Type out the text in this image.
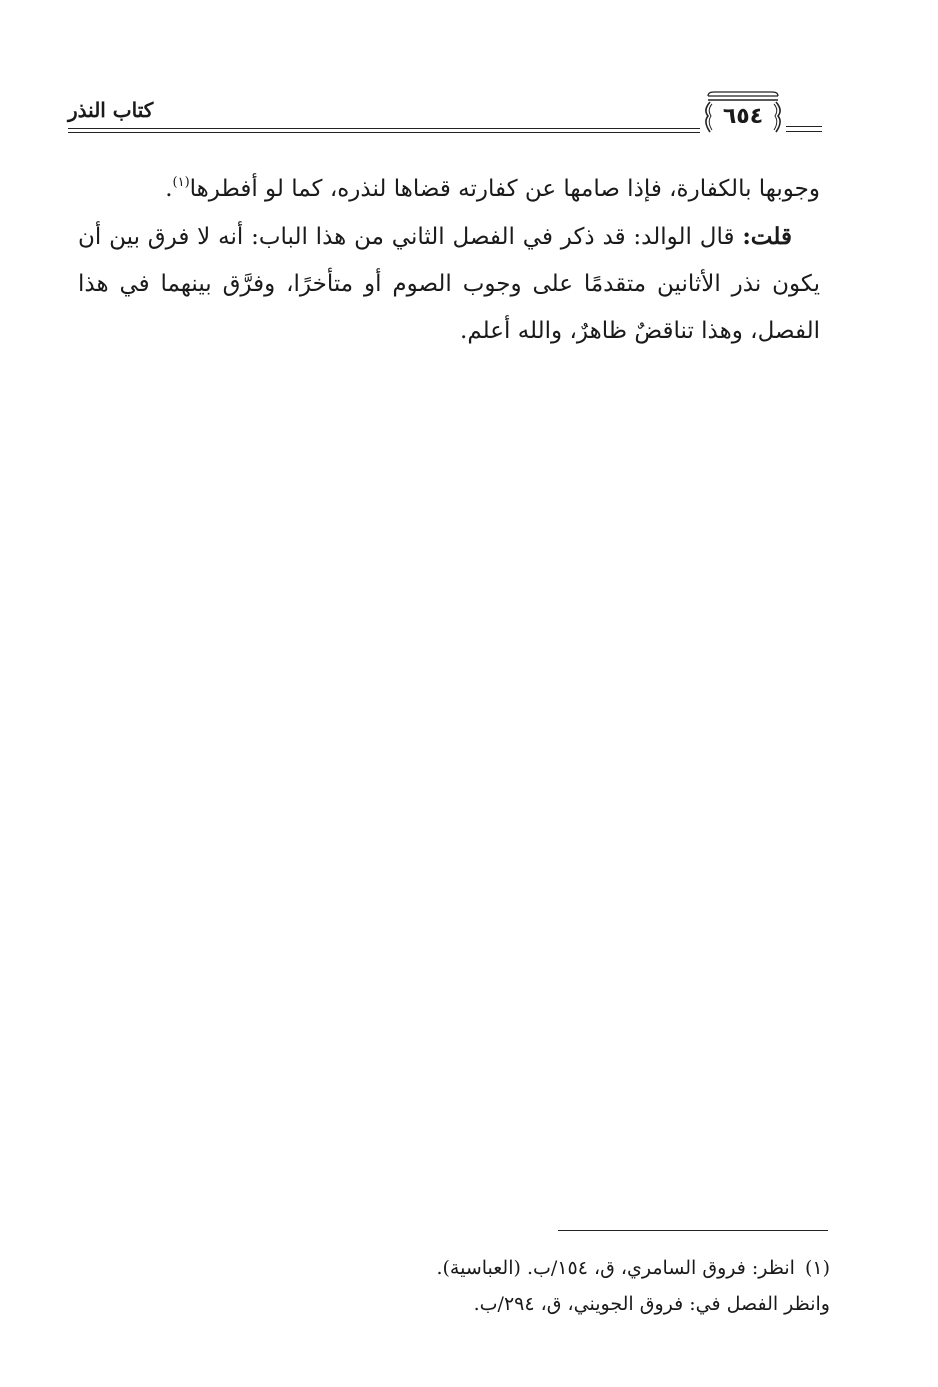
كتاب النذر	٦٥٤

وجوبها بالكفارة، فإذا صامها عن كفارته قضاها لنذره، كما لو أفطرها$^{(١)}$.

قلت: قال الوالد: قد ذكر في الفصل الثاني من هذا الباب: أنه لا فرق بين أن يكون نذر الأثانين متقدمًا على وجوب الصوم أو متأخرًا، وفرَّق بينهما في هذا الفصل، وهذا تناقضٌ ظاهرٌ، والله أعلم.

(١)انظر: فروق السامري، ق، ١٥٤/ب. (العباسية).

وانظر الفصل في: فروق الجويني، ق، ٢٩٤/ب.
